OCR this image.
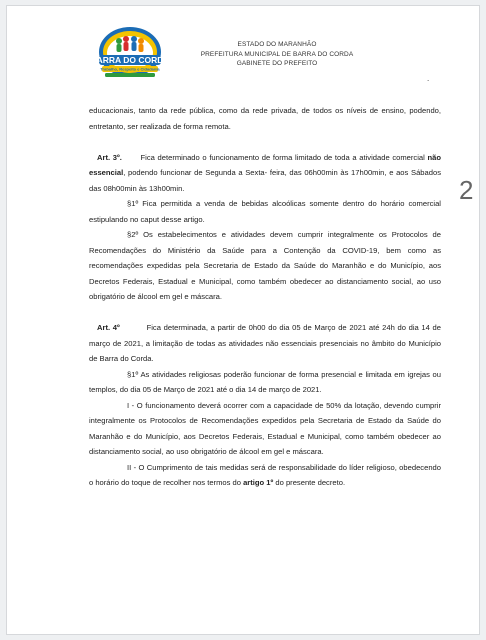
BARRA DO CORDA
Trabalho, Respeito e Cidadania
ESTADO DO MARANHÃO
PREFEITURA MUNICIPAL DE BARRA DO CORDA
GABINETE DO PREFEITO
.
2

educacionais, tanto da rede pública, como da rede privada, de todos os níveis de ensino, podendo, entretanto, ser realizada de forma remota.

Art. 3º. Fica determinado o funcionamento de forma limitado de toda a atividade comercial não essencial, podendo funcionar de Segunda a Sexta- feira, das 06h00min às 17h00min, e aos Sábados das 08h00min às 13h00min.

§1º Fica permitida a venda de bebidas alcoólicas somente dentro do horário comercial estipulando no caput desse artigo.

§2º Os estabelecimentos e atividades devem cumprir integralmente os Protocolos de Recomendações do Ministério da Saúde para a Contenção da COVID-19, bem como as recomendações expedidas pela Secretaria de Estado da Saúde do Maranhão e do Município, aos Decretos Federais, Estadual e Municipal, como também obedecer ao distanciamento social, ao uso obrigatório de álcool em gel e máscara.

Art. 4º	Fica determinada, a partir de 0h00 do dia 05 de Março de 2021 até 24h do dia 14 de março de 2021, a limitação de todas as atividades não essenciais presenciais no âmbito do Município de Barra do Corda.

§1º As atividades religiosas poderão funcionar de forma presencial e limitada em igrejas ou templos, do dia 05 de Março de 2021 até o dia 14 de março de 2021.

I - O funcionamento deverá ocorrer com a capacidade de 50% da lotação, devendo cumprir integralmente os Protocolos de Recomendações expedidos pela Secretaria de Estado da Saúde do Maranhão e do Município, aos Decretos Federais, Estadual e Municipal, como também obedecer ao distanciamento social, ao uso obrigatório de álcool em gel e máscara.

II - O Cumprimento de tais medidas será de responsabilidade do líder religioso, obedecendo o horário do toque de recolher nos termos do artigo 1º do presente decreto.
